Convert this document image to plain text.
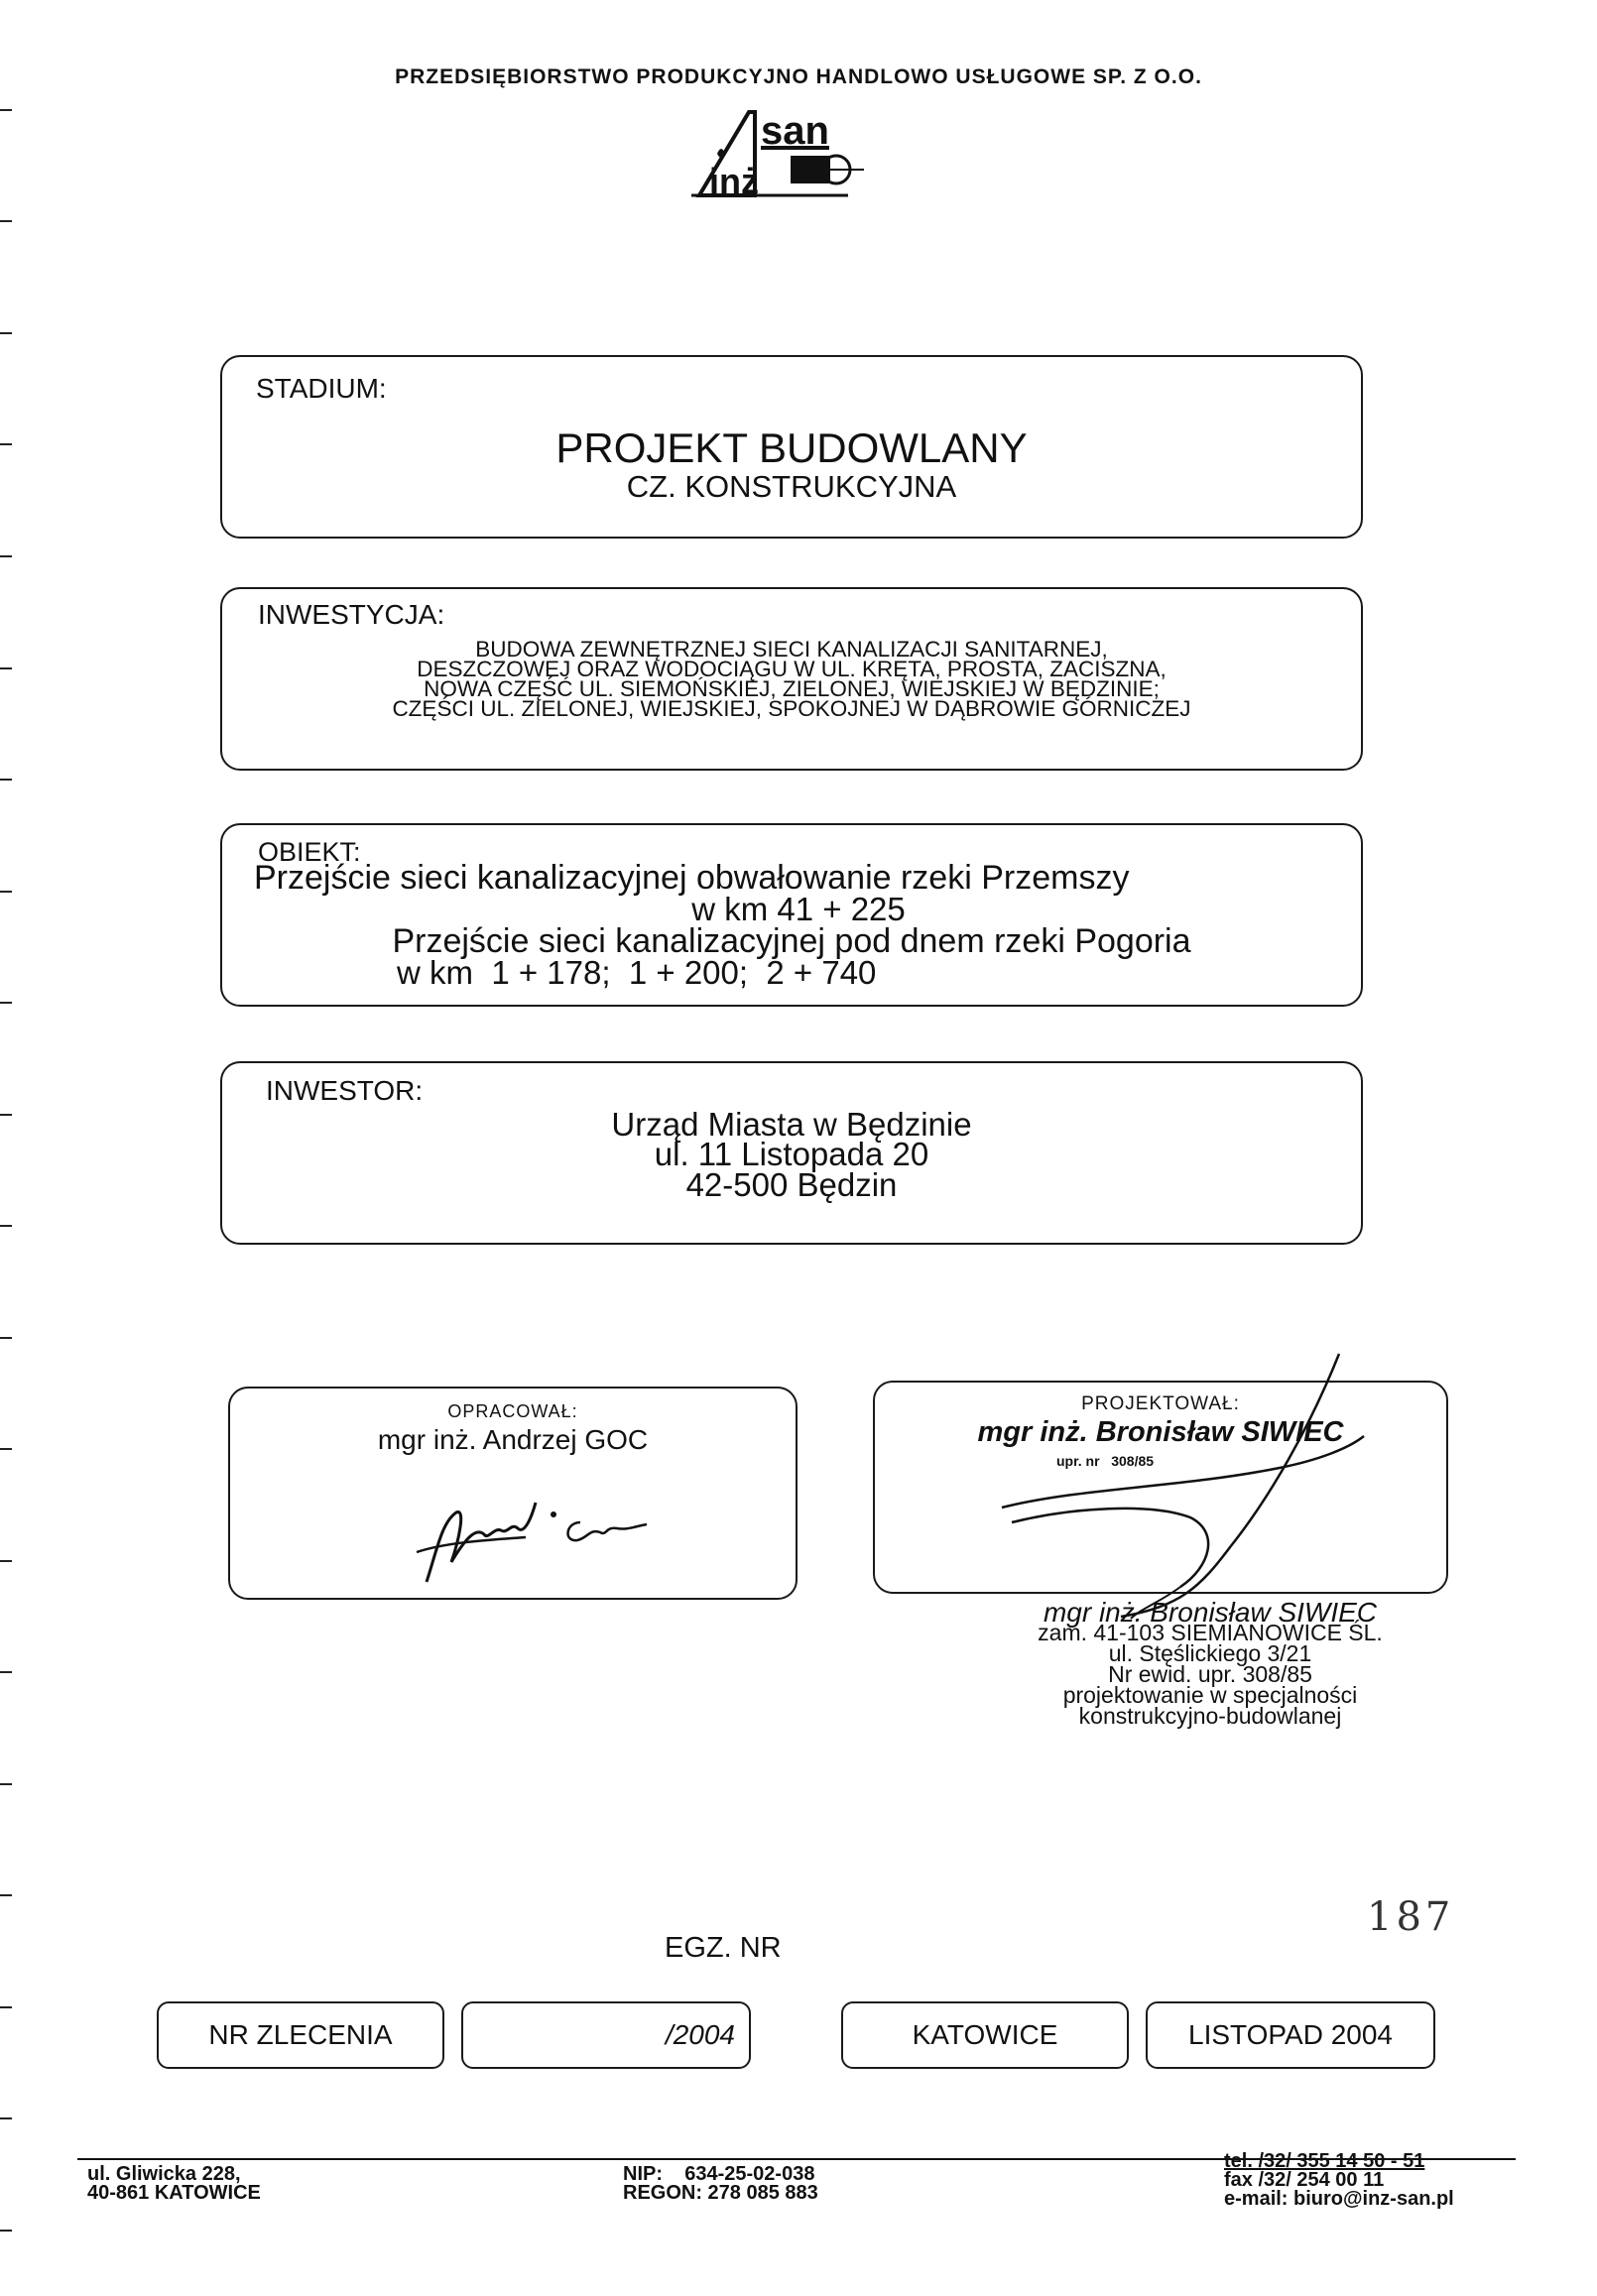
PRZEDSIĘBIORSTWO PRODUKCYJNO HANDLOWO USŁUGOWE SP. Z O.O.
san
inż
STADIUM:
PROJEKT BUDOWLANY
CZ. KONSTRUKCYJNA
INWESTYCJA:
BUDOWA ZEWNĘTRZNEJ SIECI KANALIZACJI SANITARNEJ,
DESZCZOWEJ ORAZ WODOCIĄGU W UL. KRĘTA, PROSTA, ZACISZNA,
NOWA CZĘŚĆ UL. SIEMOŃSKIEJ, ZIELONEJ, WIEJSKIEJ W BĘDZINIE;
CZĘŚCI UL. ZIELONEJ, WIEJSKIEJ, SPOKOJNEJ W DĄBROWIE GÓRNICZEJ
OBIEKT:
Przejście sieci kanalizacyjnej obwałowanie rzeki Przemszy
w km 41 + 225
Przejście sieci kanalizacyjnej pod dnem rzeki Pogoria
w km  1 + 178;  1 + 200;  2 + 740
INWESTOR:
Urząd Miasta w Będzinie
ul. 11 Listopada 20
42-500 Będzin
OPRACOWAŁ:
mgr inż. Andrzej GOC
PROJEKTOWAŁ:
mgr inż. Bronisław SIWIEC
upr. nr   308/85
mgr inż. Bronisław SIWIEC
zam. 41-103 SIEMIANOWICE ŚL.
ul. Stęślickiego 3/21
Nr ewid. upr. 308/85
projektowanie w specjalności
konstrukcyjno-budowlanej
187
EGZ. NR
NR ZLECENIA	/2004	KATOWICE	LISTOPAD 2004
ul. Gliwicka 228,
40-861 KATOWICE
NIP:    634-25-02-038
REGON: 278 085 883
tel. /32/ 355 14 50 - 51
fax /32/ 254 00 11
e-mail: biuro@inz-san.pl
